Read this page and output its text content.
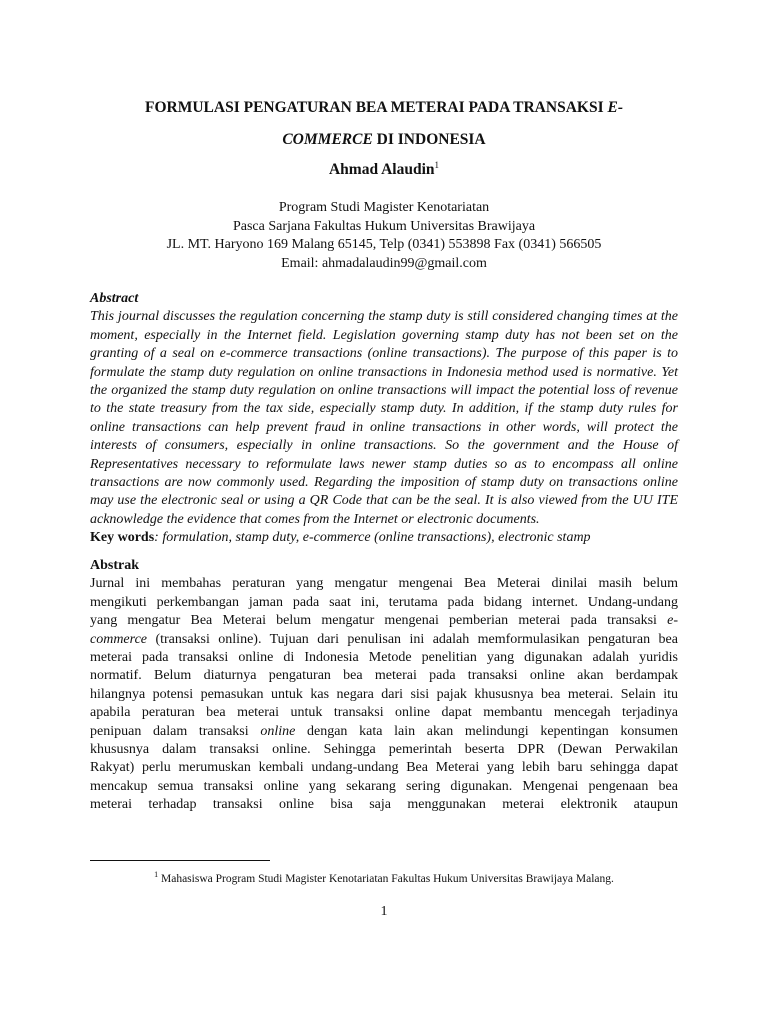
FORMULASI PENGATURAN BEA METERAI PADA TRANSAKSI E-
COMMERCE DI INDONESIA
Ahmad Alaudin$^1$
Program Studi Magister Kenotariatan
Pasca Sarjana Fakultas Hukum Universitas Brawijaya
JL. MT. Haryono 169 Malang 65145, Telp (0341) 553898 Fax (0341) 566505
Email: ahmadalaudin99@gmail.com
Abstract
This journal discusses the regulation concerning the stamp duty is still considered changing times at the moment, especially in the Internet field. Legislation governing stamp duty has not been set on the granting of a seal on e-commerce transactions (online transactions). The purpose of this paper is to formulate the stamp duty regulation on online transactions in Indonesia method used is normative. Yet the organized the stamp duty regulation on online transactions will impact the potential loss of revenue to the state treasury from the tax side, especially stamp duty. In addition, if the stamp duty rules for online transactions can help prevent fraud in online transactions in other words, will protect the interests of consumers, especially in online transactions. So the government and the House of Representatives necessary to reformulate laws newer stamp duties so as to encompass all online transactions are now commonly used. Regarding the imposition of stamp duty on transactions online may use the electronic seal or using a QR Code that can be the seal. It is also viewed from the UU ITE acknowledge the evidence that comes from the Internet or electronic documents.
Key words: formulation, stamp duty, e-commerce (online transactions), electronic stamp
Abstrak
Jurnal ini membahas peraturan yang mengatur mengenai Bea Meterai dinilai masih belum
mengikuti perkembangan jaman pada saat ini, terutama pada bidang internet. Undang-undang
yang mengatur Bea Meterai belum mengatur mengenai pemberian meterai pada transaksi e-
commerce (transaksi online). Tujuan dari penulisan ini adalah memformulasikan pengaturan bea
meterai pada transaksi online di Indonesia Metode penelitian yang digunakan adalah yuridis
normatif. Belum diaturnya pengaturan bea meterai pada transaksi online akan berdampak
hilangnya potensi pemasukan untuk kas negara dari sisi pajak khususnya bea meterai. Selain itu
apabila peraturan bea meterai untuk transaksi online dapat membantu mencegah terjadinya
penipuan dalam transaksi online dengan kata lain akan melindungi kepentingan konsumen
khususnya dalam transaksi online. Sehingga pemerintah beserta DPR (Dewan Perwakilan
Rakyat) perlu merumuskan kembali undang-undang Bea Meterai yang lebih baru sehingga dapat
mencakup semua transaksi online yang sekarang sering digunakan. Mengenai pengenaan bea
meterai terhadap transaksi online bisa saja menggunakan meterai elektronik ataupun
$^1$ Mahasiswa Program Studi Magister Kenotariatan Fakultas Hukum Universitas Brawijaya Malang.
1
